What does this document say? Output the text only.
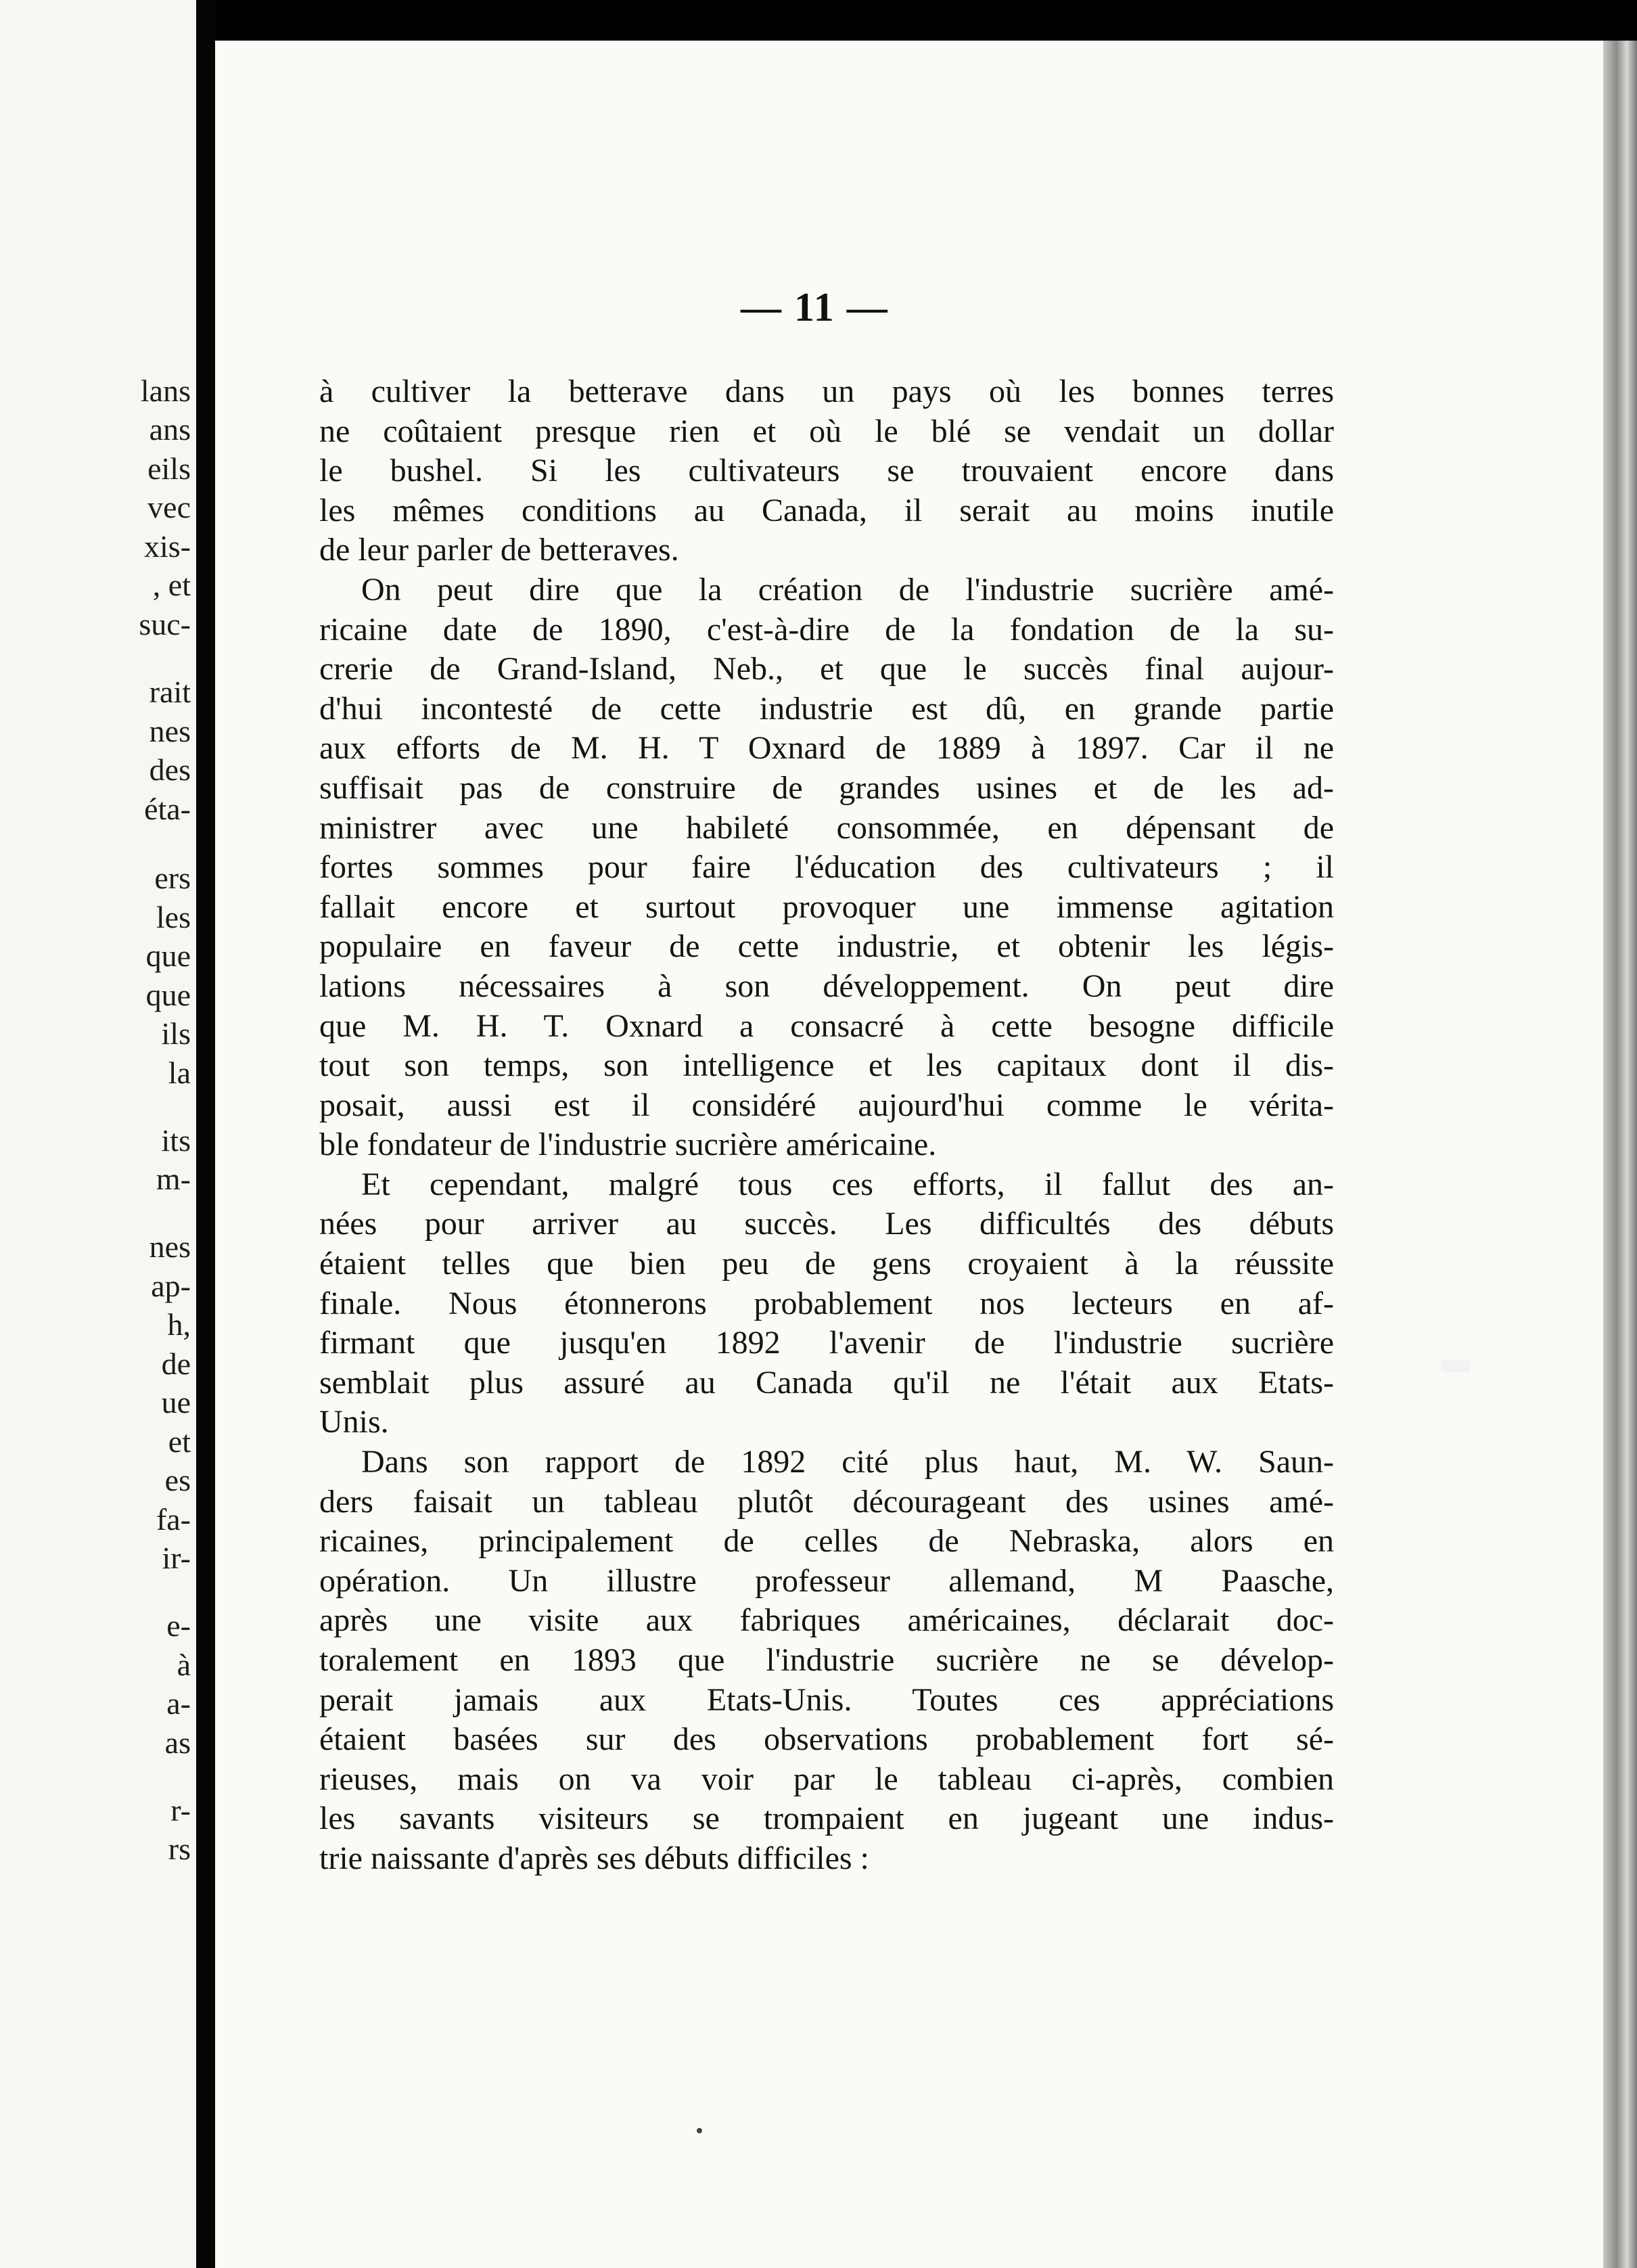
lans
ans
eils
vec
xis-
, et
suc-
rait
nes
des
éta-
ers
les
que
que
ils
la
its
m-
nes
ap-
h,
de
ue
et
es
fa-
ir-
e-
à
a-
as
r-
rs
— 11 —
à cultiver la betterave dans un pays où les bonnes terres
ne coûtaient presque rien et où le blé se vendait un dollar
le bushel. Si les cultivateurs se trouvaient encore dans
les mêmes conditions au Canada, il serait au moins inutile
de leur parler de betteraves.
On peut dire que la création de l'industrie sucrière amé-
ricaine date de 1890, c'est-à-dire de la fondation de la su-
crerie de Grand-Island, Neb., et que le succès final aujour-
d'hui incontesté de cette industrie est dû, en grande partie
aux efforts de M. H. T Oxnard de 1889 à 1897. Car il ne
suffisait pas de construire de grandes usines et de les ad-
ministrer avec une habileté consommée, en dépensant de
fortes sommes pour faire l'éducation des cultivateurs ; il
fallait encore et surtout provoquer une immense agitation
populaire en faveur de cette industrie, et obtenir les légis-
lations nécessaires à son développement. On peut dire
que M. H. T. Oxnard a consacré à cette besogne difficile
tout son temps, son intelligence et les capitaux dont il dis-
posait, aussi est il considéré aujourd'hui comme le vérita-
ble fondateur de l'industrie sucrière américaine.
Et cependant, malgré tous ces efforts, il fallut des an-
nées pour arriver au succès. Les difficultés des débuts
étaient telles que bien peu de gens croyaient à la réussite
finale. Nous étonnerons probablement nos lecteurs en af-
firmant que jusqu'en 1892 l'avenir de l'industrie sucrière
semblait plus assuré au Canada qu'il ne l'était aux Etats-
Unis.
Dans son rapport de 1892 cité plus haut, M. W. Saun-
ders faisait un tableau plutôt décourageant des usines amé-
ricaines, principalement de celles de Nebraska, alors en
opération. Un illustre professeur allemand, M Paasche,
après une visite aux fabriques américaines, déclarait doc-
toralement en 1893 que l'industrie sucrière ne se dévelop-
perait jamais aux Etats-Unis. Toutes ces appréciations
étaient basées sur des observations probablement fort sé-
rieuses, mais on va voir par le tableau ci-après, combien
les savants visiteurs se trompaient en jugeant une indus-
trie naissante d'après ses débuts difficiles :
